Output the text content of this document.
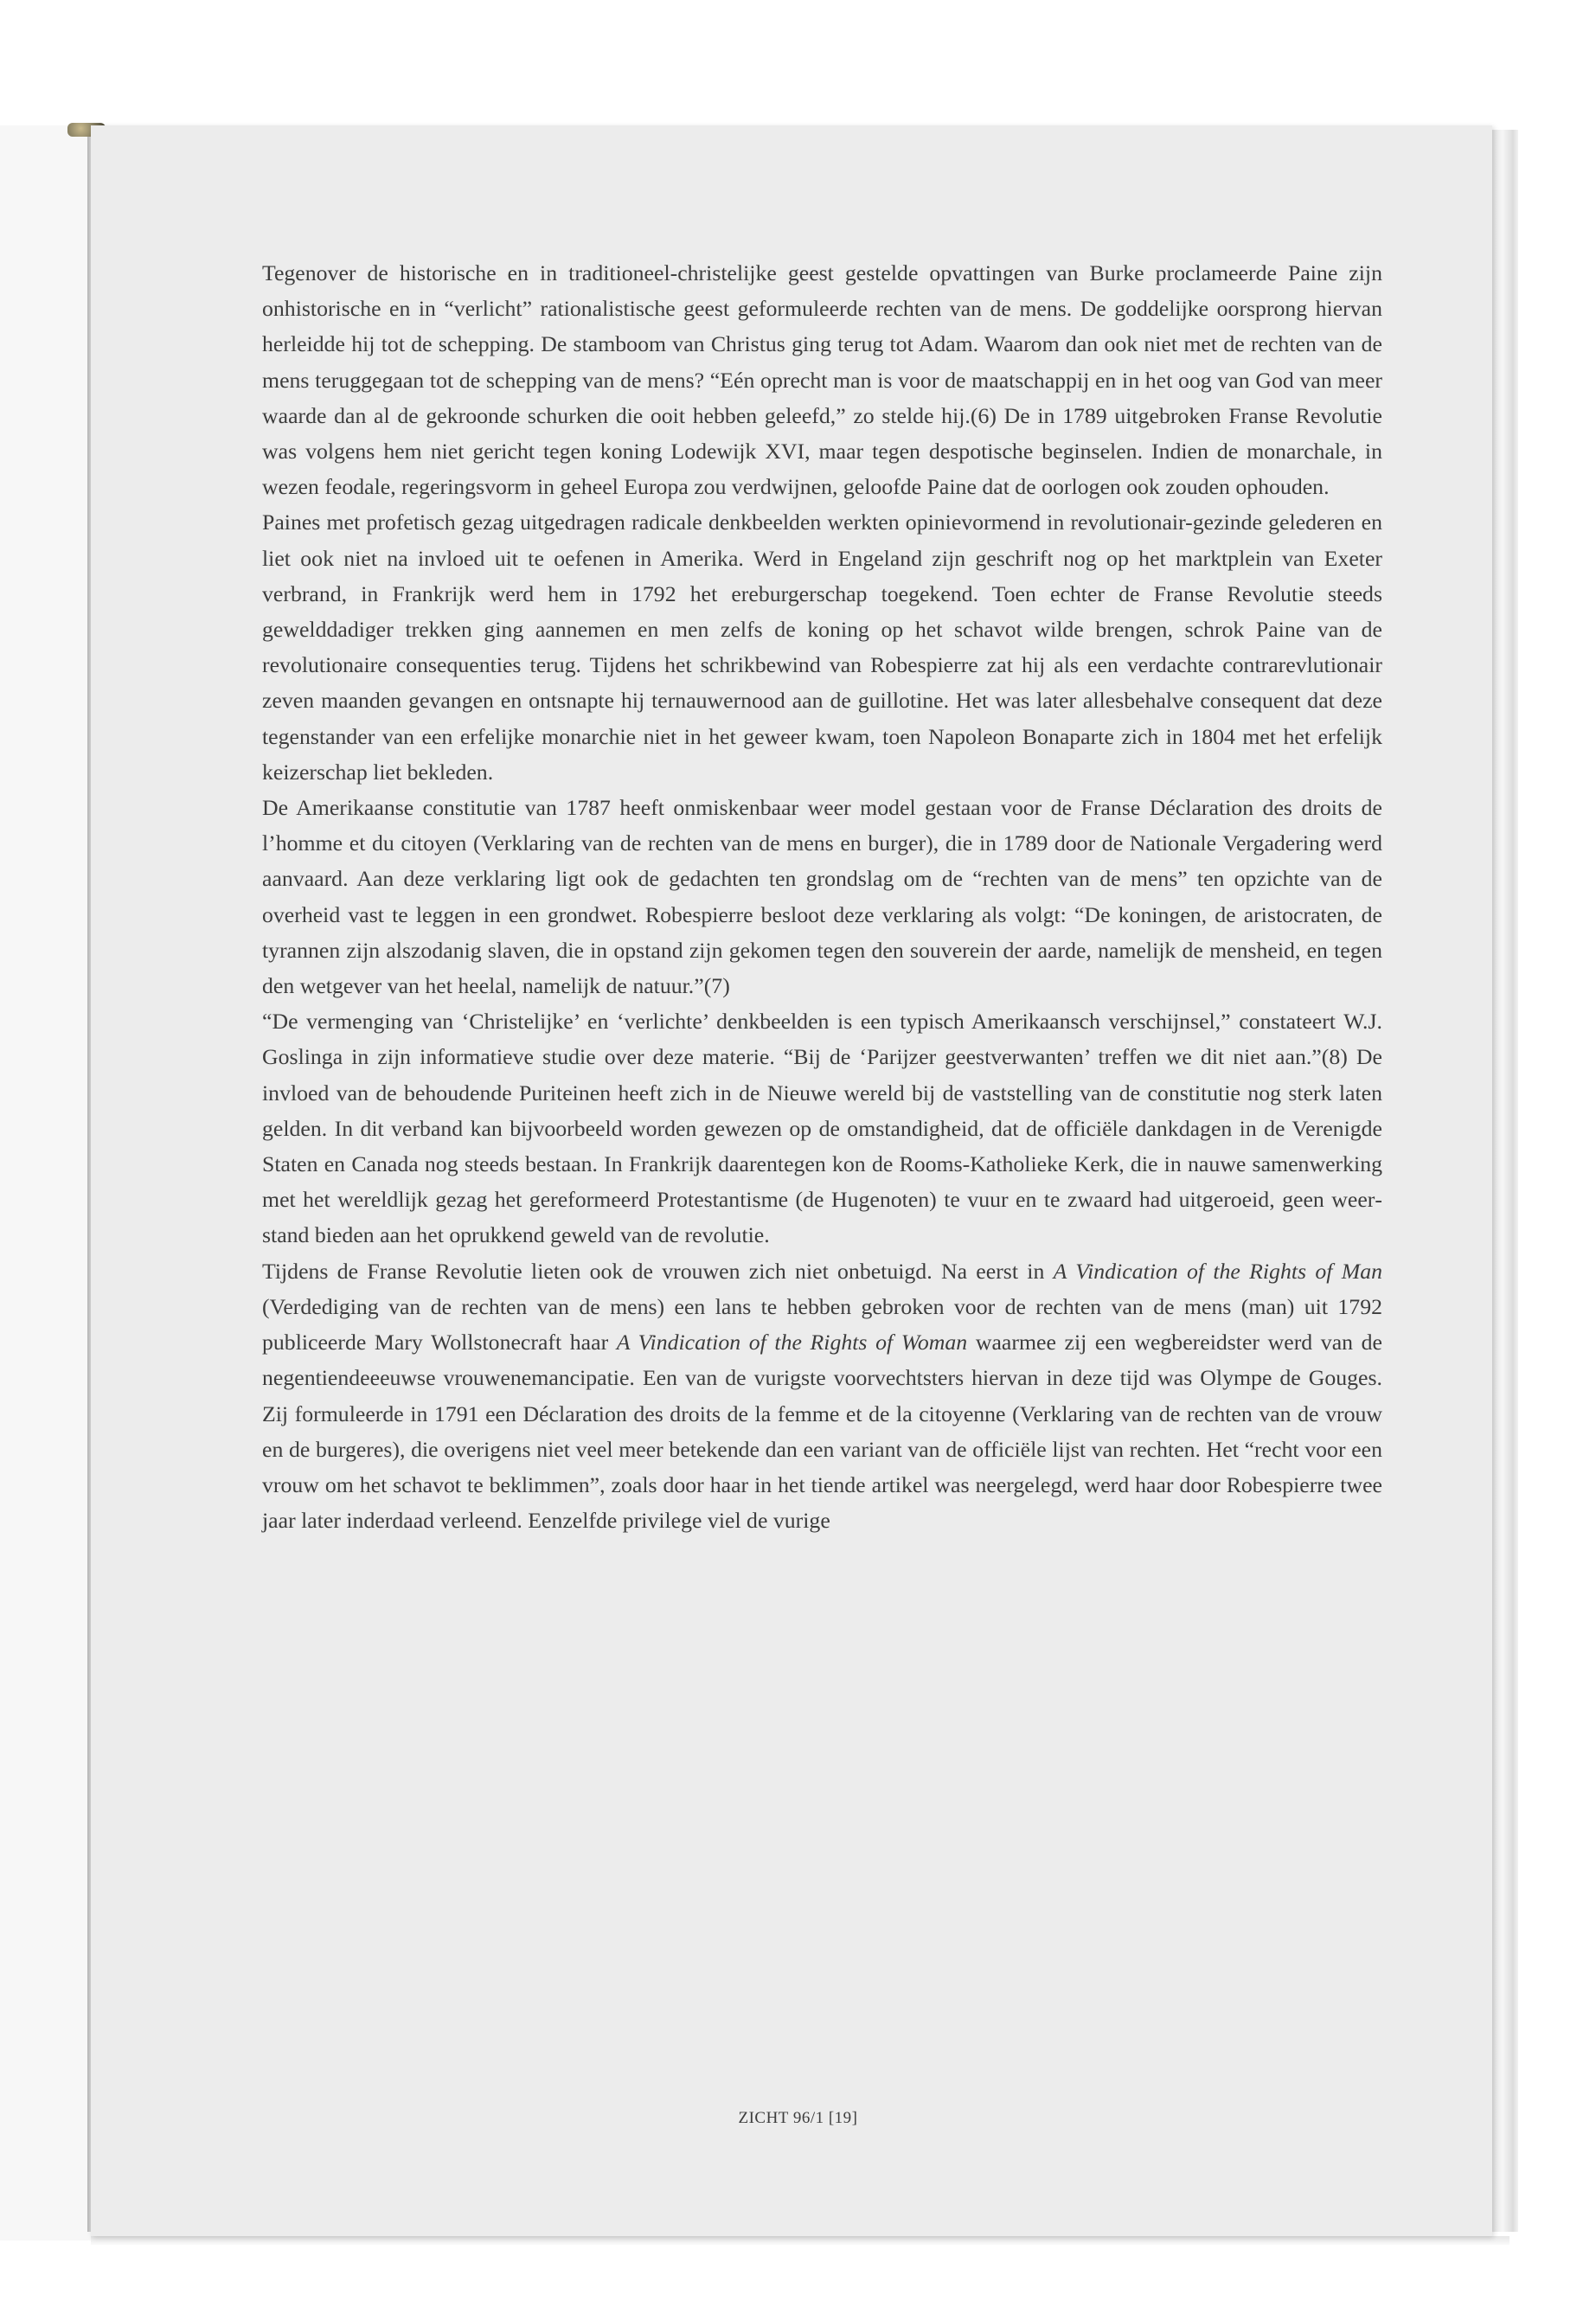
Tegenover de historische en in traditioneel-christelijke geest gestelde opvattingen van Burke proclameerde Paine zijn onhistorische en in “verlicht” rationalistische geest geformuleerde rechten van de mens. De goddelijke oorsprong hiervan herleidde hij tot de schepping. De stamboom van Christus ging terug tot Adam. Waarom dan ook niet met de rechten van de mens teruggegaan tot de schepping van de mens? “Eén oprecht man is voor de maatschappij en in het oog van God van meer waarde dan al de gekroonde schurken die ooit hebben geleefd,” zo stelde hij.(6) De in 1789 uitgebroken Franse Revolutie was volgens hem niet gericht tegen koning Lodewijk XVI, maar tegen despotische beginselen. Indien de monarchale, in wezen feodale, regeringsvorm in geheel Europa zou verdwijnen, geloofde Paine dat de oorlogen ook zouden ophouden.

Paines met profetisch gezag uitgedragen radicale denkbeelden werkten opinievormend in revolutionair-gezinde gelederen en liet ook niet na invloed uit te oefenen in Amerika. Werd in Engeland zijn geschrift nog op het marktplein van Exeter verbrand, in Frankrijk werd hem in 1792 het ereburgerschap toegekend. Toen echter de Franse Revolutie steeds gewelddadiger trekken ging aannemen en men zelfs de koning op het schavot wilde brengen, schrok Paine van de revolutionaire consequenties terug. Tijdens het schrikbewind van Robespierre zat hij als een verdachte contrarevlutionair zeven maanden gevangen en ontsnapte hij ternauwernood aan de guillotine. Het was later allesbehalve consequent dat deze tegenstander van een erfelijke monarchie niet in het geweer kwam, toen Napoleon Bonaparte zich in 1804 met het erfelijk keizerschap liet bekleden.

De Amerikaanse constitutie van 1787 heeft onmiskenbaar weer model gestaan voor de Franse Déclaration des droits de l’homme et du citoyen (Verklaring van de rechten van de mens en burger), die in 1789 door de Nationale Vergadering werd aanvaard. Aan deze verklaring ligt ook de gedachten ten grondslag om de “rechten van de mens” ten opzichte van de overheid vast te leggen in een grondwet. Robespierre besloot deze verklaring als volgt: “De koningen, de aristocraten, de tyrannen zijn alszodanig slaven, die in opstand zijn gekomen tegen den souverein der aarde, namelijk de mensheid, en tegen den wetgever van het heelal, namelijk de natuur.”(7)

“De vermenging van ‘Christelijke’ en ‘verlichte’ denkbeelden is een typisch Amerikaansch verschijnsel,” constateert W.J. Goslinga in zijn informatieve studie over deze materie. “Bij de ‘Parijzer geestverwanten’ treffen we dit niet aan.”(8) De invloed van de behoudende Puriteinen heeft zich in de Nieuwe wereld bij de vaststelling van de constitutie nog sterk laten gelden. In dit verband kan bijvoorbeeld worden gewezen op de omstandigheid, dat de officiële dankdagen in de Verenigde Staten en Canada nog steeds bestaan. In Frankrijk daarentegen kon de Rooms-Katholieke Kerk, die in nauwe samenwerking met het wereldlijk gezag het gereformeerd Protestantisme (de Hugenoten) te vuur en te zwaard had uitgeroeid, geen weerstand bieden aan het oprukkend geweld van de revolutie.

Tijdens de Franse Revolutie lieten ook de vrouwen zich niet onbetuigd. Na eerst in A Vindication of the Rights of Man (Verdediging van de rechten van de mens) een lans te hebben gebroken voor de rechten van de mens (man) uit 1792 publiceerde Mary Wollstonecraft haar A Vindication of the Rights of Woman waarmee zij een wegbereidster werd van de negentiendeeeuwse vrouwenemancipatie. Een van de vurigste voorvechtsters hiervan in deze tijd was Olympe de Gouges. Zij formuleerde in 1791 een Déclaration des droits de la femme et de la citoyenne (Verklaring van de rechten van de vrouw en de burgeres), die overigens niet veel meer betekende dan een variant van de officiële lijst van rechten. Het “recht voor een vrouw om het schavot te beklimmen”, zoals door haar in het tiende artikel was neergelegd, werd haar door Robespierre twee jaar later inderdaad verleend. Eenzelfde privilege viel de vurige

ZICHT 96/1 [19]
